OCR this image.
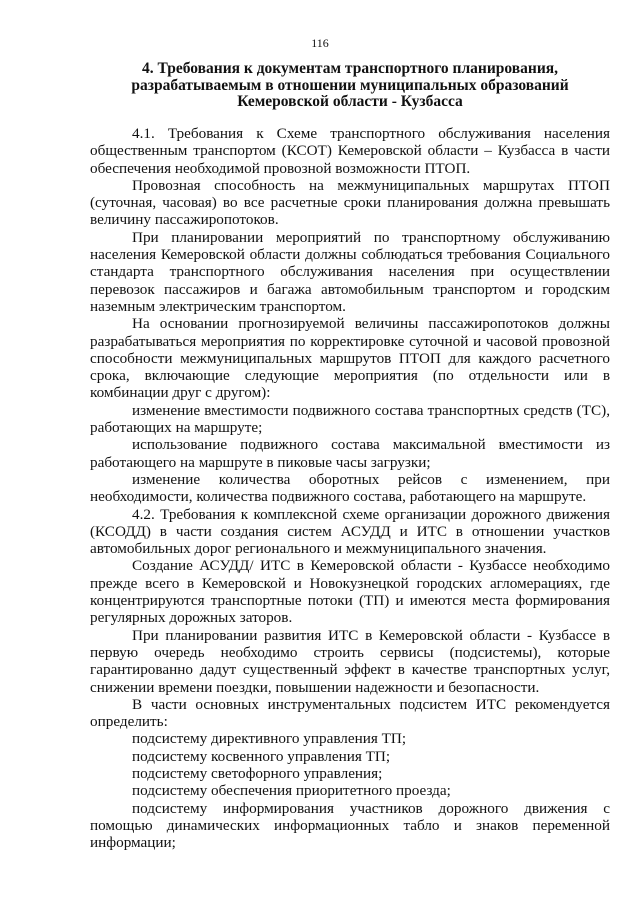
116
4. Требования к документам транспортного планирования,
разрабатываемым в отношении муниципальных образований
Кемеровской области - Кузбасса

4.1. Требования к Схеме транспортного обслуживания населения общественным транспортом (КСОТ) Кемеровской области – Кузбасса в части обеспечения необходимой провозной возможности ПТОП.

Провозная способность на межмуниципальных маршрутах ПТОП (суточная, часовая) во все расчетные сроки планирования должна превышать величину пассажиропотоков.

При планировании мероприятий по транспортному обслуживанию населения Кемеровской области должны соблюдаться требования Социального стандарта транспортного обслуживания населения при осуществлении перевозок пассажиров и багажа автомобильным транспортом и городским наземным электрическим транспортом.

На основании прогнозируемой величины пассажиропотоков должны разрабатываться мероприятия по корректировке суточной и часовой провозной способности межмуниципальных маршрутов ПТОП для каждого расчетного срока, включающие следующие мероприятия (по отдельности или в комбинации друг с другом):

изменение вместимости подвижного состава транспортных средств (ТС), работающих на маршруте;

использование подвижного состава максимальной вместимости из работающего на маршруте в пиковые часы загрузки;

изменение количества оборотных рейсов с изменением, при необходимости, количества подвижного состава, работающего на маршруте.

4.2. Требования к комплексной схеме организации дорожного движения (КСОДД) в части создания систем АСУДД и ИТС в отношении участков автомобильных дорог регионального и межмуниципального значения.

Создание АСУДД/ ИТС в Кемеровской области - Кузбассе необходимо прежде всего в Кемеровской и Новокузнецкой городских агломерациях, где концентрируются транспортные потоки (ТП) и имеются места формирования регулярных дорожных заторов.

При планировании развития ИТС в Кемеровской области - Кузбассе в первую очередь необходимо строить сервисы (подсистемы), которые гарантированно дадут существенный эффект в качестве транспортных услуг, снижении времени поездки, повышении надежности и безопасности.

В части основных инструментальных подсистем ИТС рекомендуется определить:

подсистему директивного управления ТП;

подсистему косвенного управления ТП;

подсистему светофорного управления;

подсистему обеспечения приоритетного проезда;

подсистему информирования участников дорожного движения с помощью динамических информационных табло и знаков переменной информации;
